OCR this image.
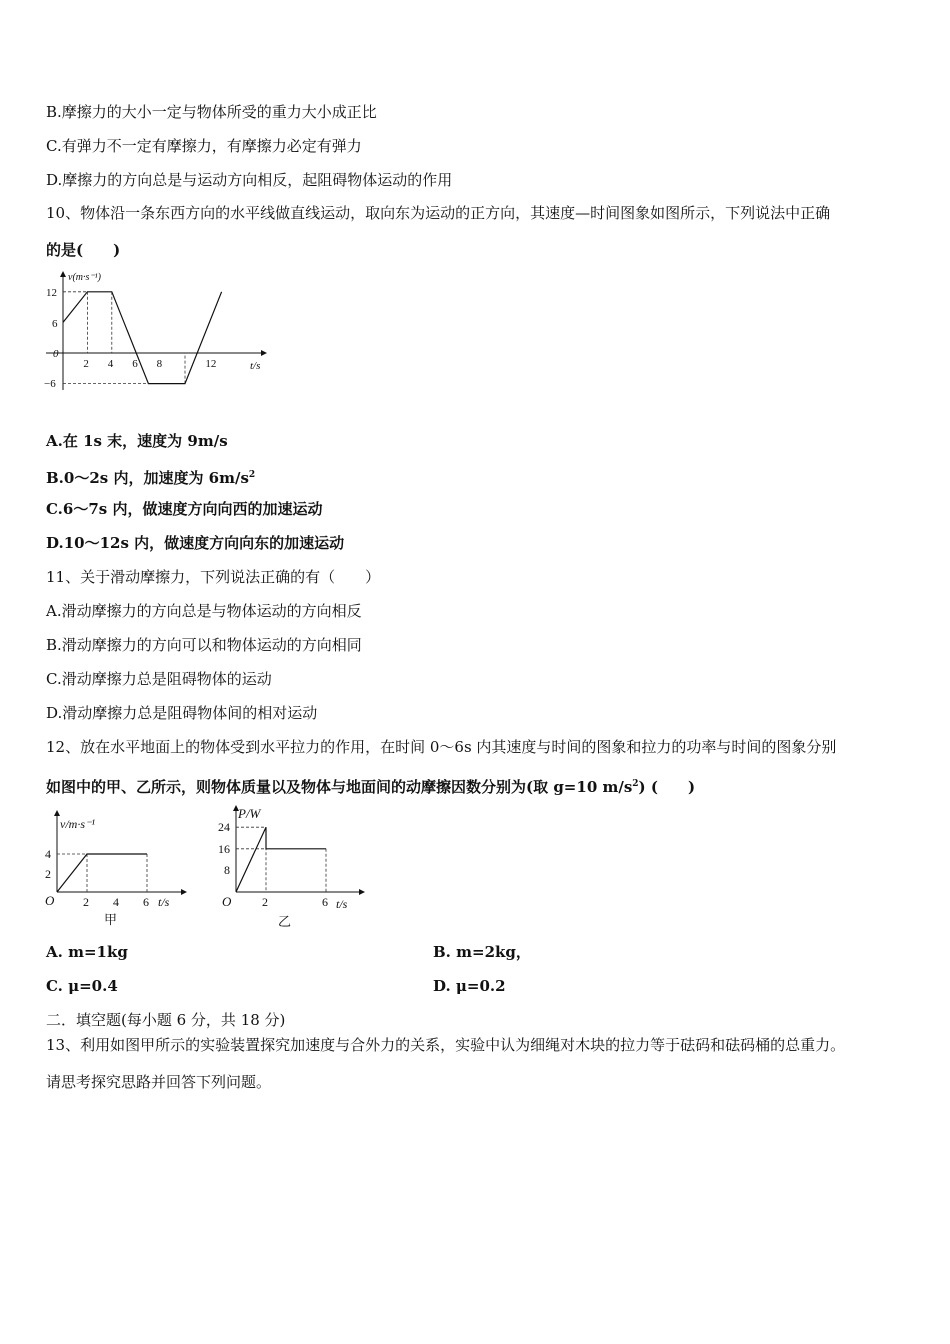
B.摩擦力的大小一定与物体所受的重力大小成正比
C.有弹力不一定有摩擦力，有摩擦力必定有弹力
D.摩擦力的方向总是与运动方向相反，起阻碍物体运动的作用
10、物体沿一条东西方向的水平线做直线运动，取向东为运动的正方向，其速度—时间图象如图所示，下列说法中正确
的是(　　)
2 4 6 8	12
12
6
0
−6
v(m·s⁻¹)
t/s
A.在 1s 末，速度为 9m/s
B.0～2s 内，加速度为 $6m/s^2$
C.6～7s 内，做速度方向向西的加速运动
D.10～12s 内，做速度方向向东的加速运动
11、关于滑动摩擦力，下列说法正确的有（　　）
A.滑动摩擦力的方向总是与物体运动的方向相反
B.滑动摩擦力的方向可以和物体运动的方向相同
C.滑动摩擦力总是阻碍物体的运动
D.滑动摩擦力总是阻碍物体间的相对运动
12、放在水平地面上的物体受到水平拉力的作用，在时间 0～6s 内其速度与时间的图象和拉力的功率与时间的图象分别
如图中的甲、乙所示，则物体质量以及物体与地面间的动摩擦因数分别为(取 g=10 $m/s^2$) (　　)
2 4 6
4
2
v/m·s⁻¹
t/s
O
甲
2	6
24
16
8
P/W
t/s
O
乙
A. m=1kg	B. m=2kg，
C. μ=0.4	D. μ=0.2
二．填空题(每小题 6 分，共 18 分)
13、利用如图甲所示的实验装置探究加速度与合外力的关系，实验中认为细绳对木块的拉力等于砝码和砝码桶的总重力。
请思考探究思路并回答下列问题。
